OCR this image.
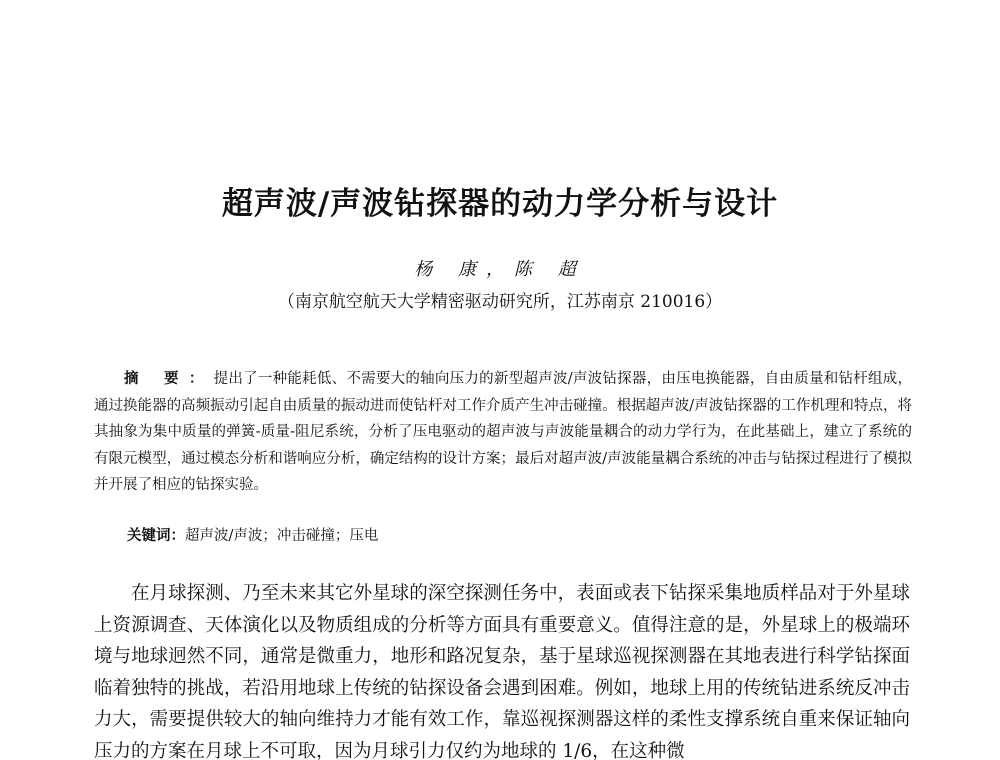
超声波/声波钻探器的动力学分析与设计
杨 康，陈 超
（南京航空航天大学精密驱动研究所，江苏南京 210016）
摘 要：提出了一种能耗低、不需要大的轴向压力的新型超声波/声波钻探器，由压电换能器，自由质量和钻杆组成，通过换能器的高频振动引起自由质量的振动进而使钻杆对工作介质产生冲击碰撞。根据超声波/声波钻探器的工作机理和特点，将其抽象为集中质量的弹簧-质量-阻尼系统，分析了压电驱动的超声波与声波能量耦合的动力学行为，在此基础上，建立了系统的有限元模型，通过模态分析和谐响应分析，确定结构的设计方案；最后对超声波/声波能量耦合系统的冲击与钻探过程进行了模拟并开展了相应的钻探实验。
关键词：超声波/声波；冲击碰撞；压电
在月球探测、乃至未来其它外星球的深空探测任务中，表面或表下钻探采集地质样品对于外星球上资源调查、天体演化以及物质组成的分析等方面具有重要意义。值得注意的是，外星球上的极端环境与地球迥然不同，通常是微重力，地形和路况复杂，基于星球巡视探测器在其地表进行科学钻探面临着独特的挑战，若沿用地球上传统的钻探设备会遇到困难。例如，地球上用的传统钻进系统反冲击力大，需要提供较大的轴向维持力才能有效工作，靠巡视探测器这样的柔性支撑系统自重来保证轴向压力的方案在月球上不可取，因为月球引力仅约为地球的 1/6，在这种微
